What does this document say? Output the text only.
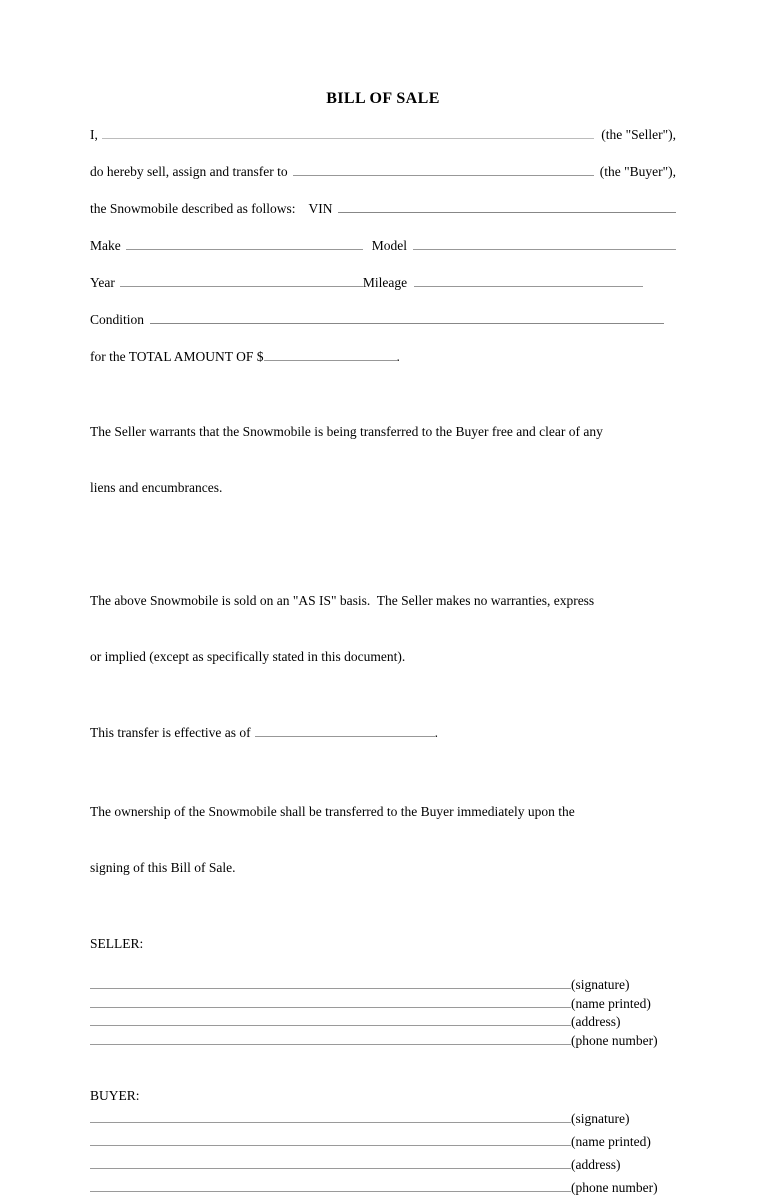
BILL OF SALE
I,	(the "Seller"),
do hereby sell, assign and transfer to	(the "Buyer"),
the Snowmobile described as follows: VIN
Make	Model
Year	Mileage
Condition
for the TOTAL AMOUNT OF $	.

The Seller warrants that the Snowmobile is being transferred to the Buyer free and clear of any

liens and encumbrances.

The above Snowmobile is sold on an "AS IS" basis.  The Seller makes no warranties, express

or implied (except as specifically stated in this document).

This transfer is effective as of	.

The ownership of the Snowmobile shall be transferred to the Buyer immediately upon the

signing of this Bill of Sale.

SELLER:
(signature)
(name printed)
(address)
(phone number)
BUYER:
(signature)
(name printed)
(address)
(phone number)
